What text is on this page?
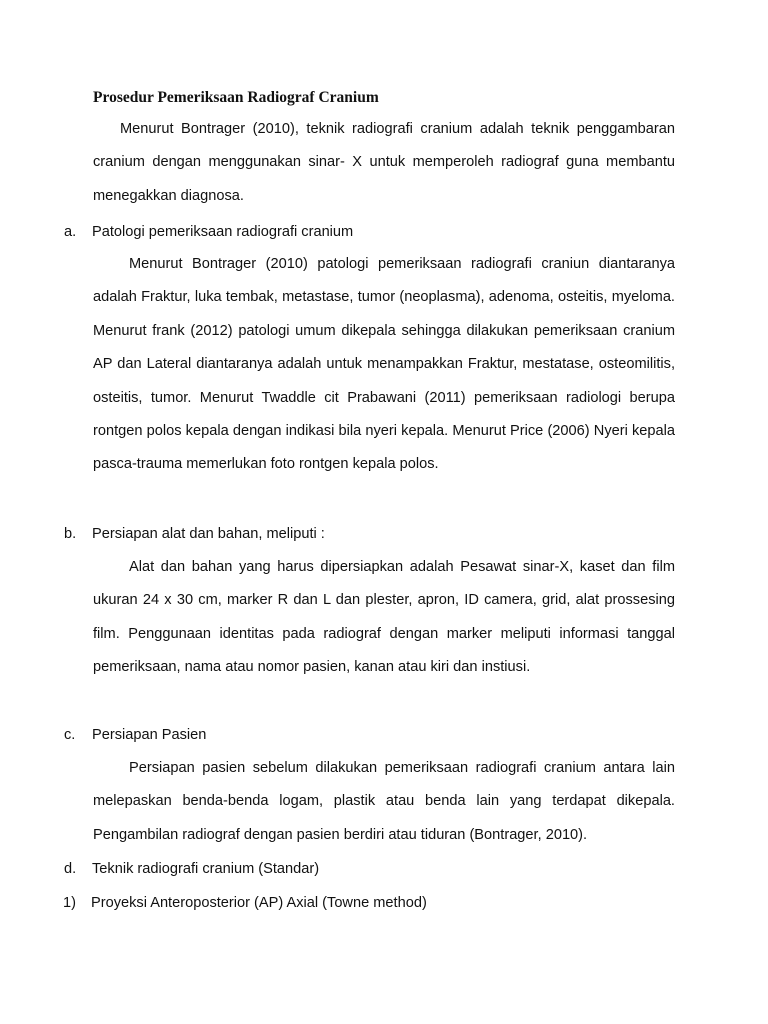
Prosedur Pemeriksaan Radiograf Cranium
Menurut Bontrager (2010), teknik radiografi cranium adalah teknik penggambaran cranium dengan menggunakan sinar- X untuk memperoleh radiograf guna membantu menegakkan diagnosa.
a. Patologi pemeriksaan radiografi cranium
Menurut Bontrager (2010) patologi pemeriksaan radiografi craniun diantaranya adalah Fraktur, luka tembak, metastase, tumor (neoplasma), adenoma, osteitis, myeloma. Menurut frank (2012) patologi umum dikepala sehingga dilakukan pemeriksaan cranium AP dan Lateral diantaranya adalah untuk menampakkan Fraktur, mestatase, osteomilitis, osteitis, tumor. Menurut Twaddle cit Prabawani (2011) pemeriksaan radiologi berupa rontgen polos kepala dengan indikasi bila nyeri kepala. Menurut Price (2006) Nyeri kepala pasca-trauma memerlukan foto rontgen kepala polos.
b. Persiapan alat dan bahan, meliputi :
Alat dan bahan yang harus dipersiapkan adalah Pesawat sinar-X, kaset dan film ukuran 24 x 30 cm, marker R dan L dan plester, apron, ID camera, grid, alat prossesing film. Penggunaan identitas pada radiograf dengan marker meliputi informasi tanggal pemeriksaan, nama atau nomor pasien, kanan atau kiri dan instiusi.
c. Persiapan Pasien
Persiapan pasien sebelum dilakukan pemeriksaan radiografi cranium antara lain melepaskan benda-benda logam, plastik atau benda lain yang terdapat dikepala. Pengambilan radiograf dengan pasien berdiri atau tiduran (Bontrager, 2010).
d. Teknik radiografi cranium (Standar)
1) Proyeksi Anteroposterior (AP) Axial (Towne method)
